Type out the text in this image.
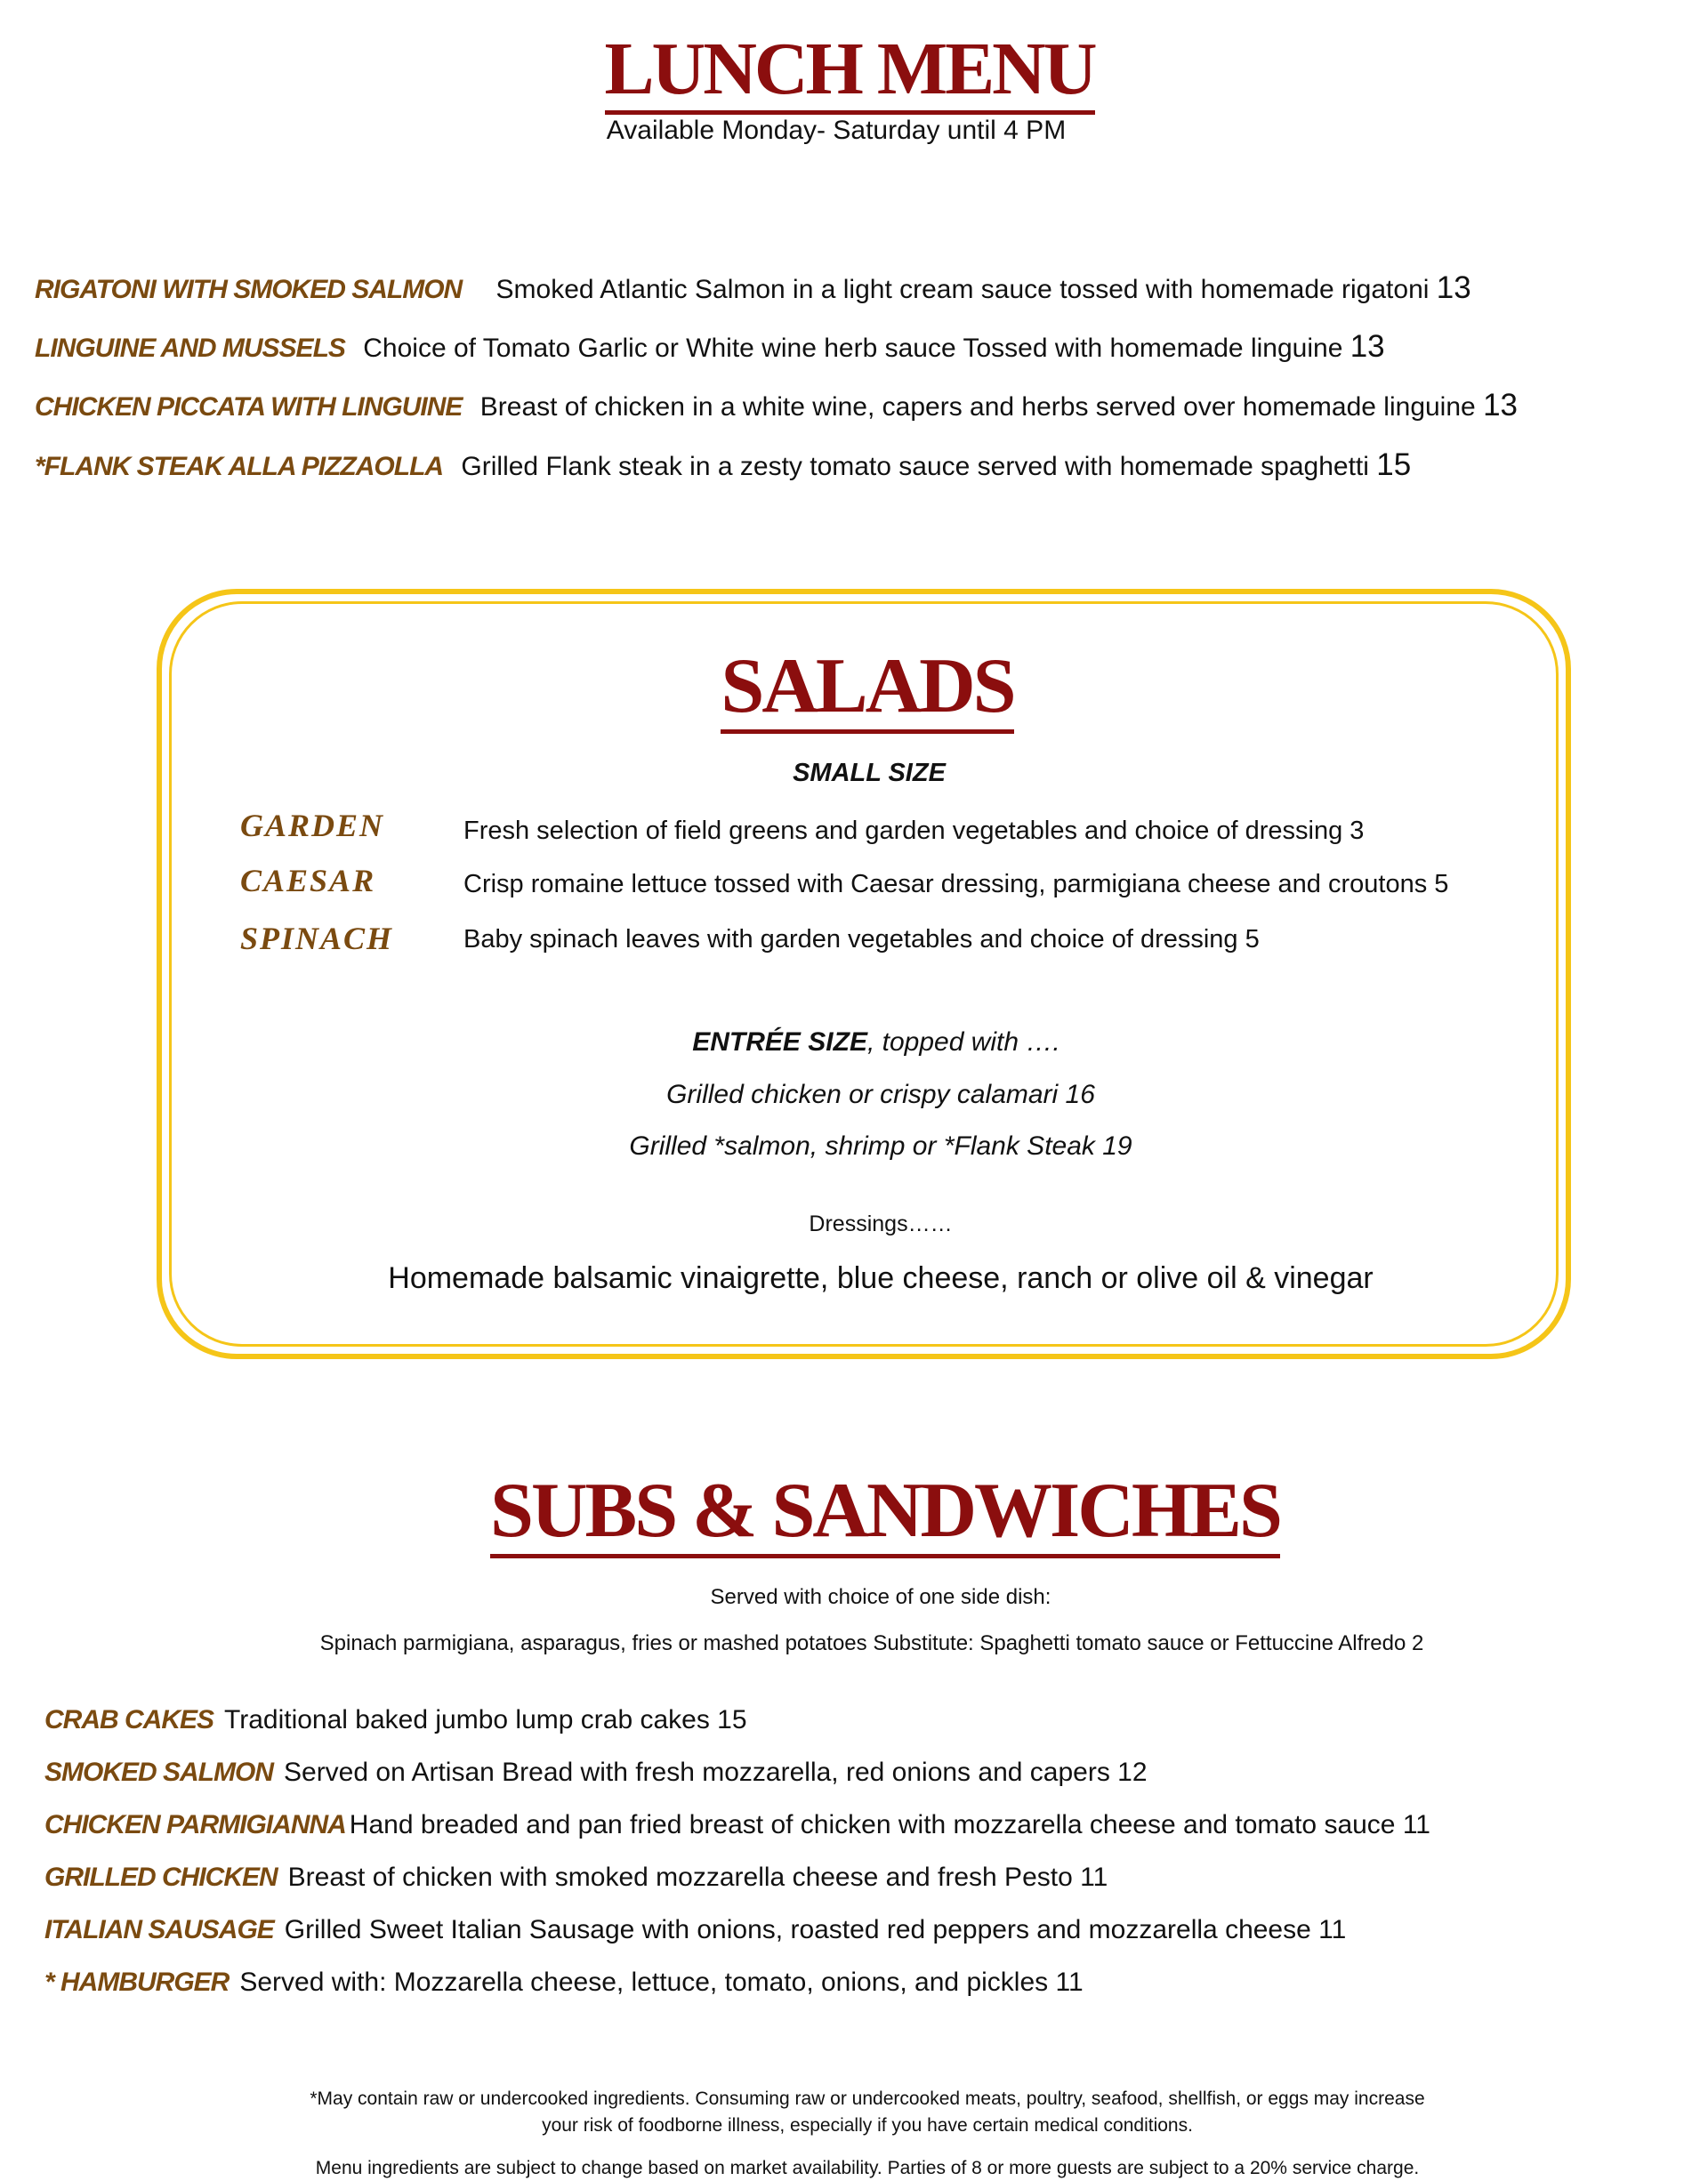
LUNCH MENU
Available Monday- Saturday until 4 PM
RIGATONI WITH SMOKED SALMON Smoked Atlantic Salmon in a light cream sauce tossed with homemade rigatoni 13
LINGUINE AND MUSSELS Choice of Tomato Garlic or White wine herb sauce Tossed with homemade linguine 13
CHICKEN PICCATA WITH LINGUINE Breast of chicken in a white wine, capers and herbs served over homemade linguine 13
*FLANK STEAK ALLA PIZZAOLLA Grilled Flank steak in a zesty tomato sauce served with homemade spaghetti 15
SALADS
SMALL SIZE
GARDEN	Fresh selection of field greens and garden vegetables and choice of dressing 3
CAESAR	Crisp romaine lettuce tossed with Caesar dressing, parmigiana cheese and croutons 5
SPINACH	Baby spinach leaves with garden vegetables and choice of dressing 5
ENTRÉE SIZE, topped with ….
Grilled chicken or crispy calamari 16
Grilled *salmon, shrimp or *Flank Steak 19
Dressings……
Homemade balsamic vinaigrette, blue cheese, ranch or olive oil & vinegar
SUBS & SANDWICHES
Served with choice of one side dish:
Spinach parmigiana, asparagus, fries or mashed potatoes Substitute: Spaghetti tomato sauce or Fettuccine Alfredo 2
CRAB CAKES Traditional baked jumbo lump crab cakes 15
SMOKED SALMON Served on Artisan Bread with fresh mozzarella, red onions and capers 12
CHICKEN PARMIGIANNA Hand breaded and pan fried breast of chicken with mozzarella cheese and tomato sauce 11
GRILLED CHICKEN Breast of chicken with smoked mozzarella cheese and fresh Pesto 11
ITALIAN SAUSAGE Grilled Sweet Italian Sausage with onions, roasted red peppers and mozzarella cheese 11
* HAMBURGER Served with: Mozzarella cheese, lettuce, tomato, onions, and pickles 11
*May contain raw or undercooked ingredients. Consuming raw or undercooked meats, poultry, seafood, shellfish, or eggs may increase
your risk of foodborne illness, especially if you have certain medical conditions.
Menu ingredients are subject to change based on market availability. Parties of 8 or more guests are subject to a 20% service charge.
